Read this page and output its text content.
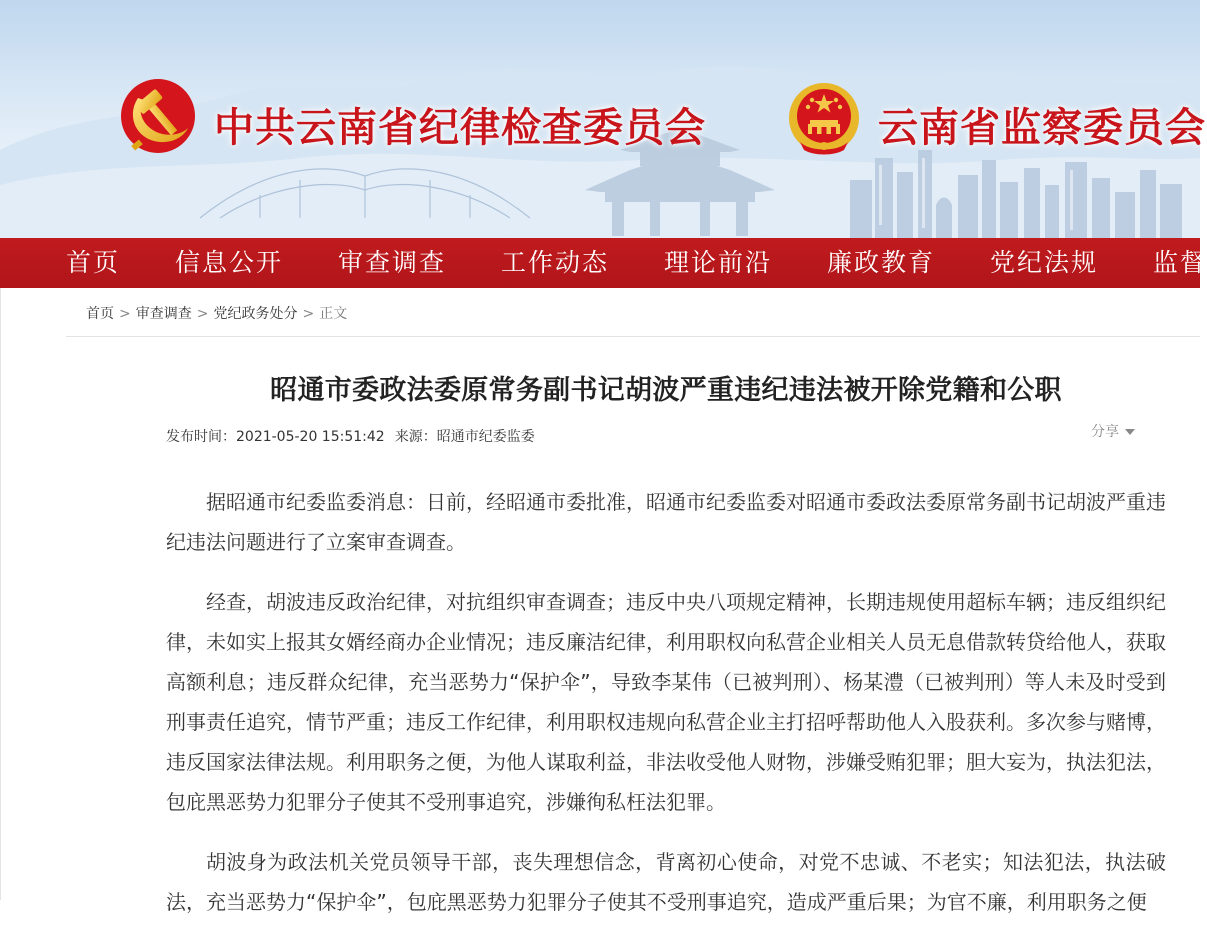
中共云南省纪律检查委员会	云南省监察委员会
首页 信息公开 审查调查 工作动态 理论前沿 廉政教育 党纪法规 监督
首页 > 审查调查 > 党纪政务处分 > 正文
昭通市委政法委原常务副书记胡波严重违纪违法被开除党籍和公职
发布时间：2021-05-20 15:51:42 来源：昭通市纪委监委	分享

据昭通市纪委监委消息：日前，经昭通市委批准，昭通市纪委监委对昭通市委政法委原常务副书记胡波严重违纪违法问题进行了立案审查调查。

经查，胡波违反政治纪律，对抗组织审查调查；违反中央八项规定精神，长期违规使用超标车辆；违反组织纪律，未如实上报其女婿经商办企业情况；违反廉洁纪律，利用职权向私营企业相关人员无息借款转贷给他人，获取高额利息；违反群众纪律，充当恶势力“保护伞”，导致李某伟（已被判刑）、杨某澧（已被判刑）等人未及时受到刑事责任追究，情节严重；违反工作纪律，利用职权违规向私营企业主打招呼帮助他人入股获利。多次参与赌博，违反国家法律法规。利用职务之便，为他人谋取利益，非法收受他人财物，涉嫌受贿犯罪；胆大妄为，执法犯法，包庇黑恶势力犯罪分子使其不受刑事追究，涉嫌徇私枉法犯罪。

胡波身为政法机关党员领导干部，丧失理想信念，背离初心使命，对党不忠诚、不老实；知法犯法，执法破法，充当恶势力“保护伞”，包庇黑恶势力犯罪分子使其不受刑事追究，造成严重后果；为官不廉，利用职务之便
